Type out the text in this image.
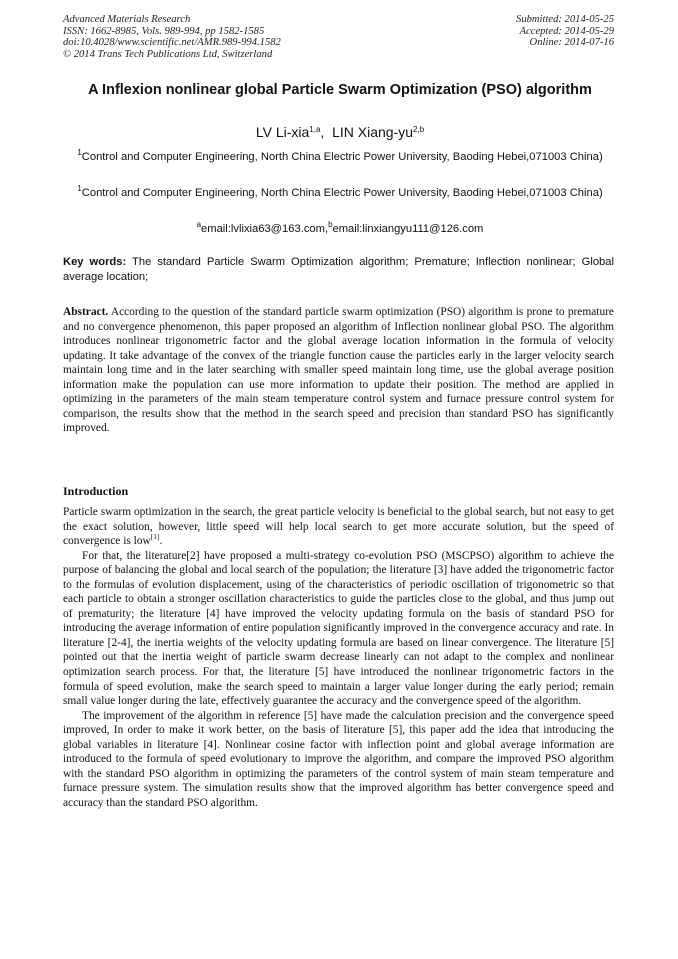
Advanced Materials Research
ISSN: 1662-8985, Vols. 989-994, pp 1582-1585
doi:10.4028/www.scientific.net/AMR.989-994.1582
© 2014 Trans Tech Publications Ltd, Switzerland
Submitted: 2014-05-25
Accepted: 2014-05-29
Online: 2014-07-16
A Inflexion nonlinear global Particle Swarm Optimization (PSO) algorithm
LV Li-xia$^{1,a}$,  LIN Xiang-yu$^{2,b}$
$^1$Control and Computer Engineering, North China Electric Power University, Baoding Hebei,071003 China)
$^1$Control and Computer Engineering, North China Electric Power University, Baoding Hebei,071003 China)
$^a$email:lvlixia63@163.com,$^b$email:linxiangyu111@126.com
Key words: The standard Particle Swarm Optimization algorithm; Premature; Inflection nonlinear; Global average location;
Abstract. According to the question of the standard particle swarm optimization (PSO) algorithm is prone to premature and no convergence phenomenon, this paper proposed an algorithm of Inflection nonlinear global PSO. The algorithm introduces nonlinear trigonometric factor and the global average location information in the formula of velocity updating. It take advantage of the convex of the triangle function cause the particles early in the larger velocity search maintain long time and in the later searching with smaller speed maintain long time, use the global average position information make the population can use more information to update their position. The method are applied in optimizing in the parameters of the main steam temperature control system and furnace pressure control system for comparison, the results show that the method in the search speed and precision than standard PSO has significantly improved.
Introduction

Particle swarm optimization in the search, the great particle velocity is beneficial to the global search, but not easy to get the exact solution, however, little speed will help local search to get more accurate solution, but the speed of convergence is low[1].

For that, the literature[2] have proposed a multi-strategy co-evolution PSO (MSCPSO) algorithm to achieve the purpose of balancing the global and local search of the population; the literature [3] have added the trigonometric factor to the formulas of evolution displacement, using of the characteristics of periodic oscillation of trigonometric so that each particle to obtain a stronger oscillation characteristics to guide the particles close to the global, and thus jump out of prematurity; the literature [4] have improved the velocity updating formula on the basis of standard PSO for introducing the average information of entire population significantly improved in the convergence accuracy and rate. In literature [2-4], the inertia weights of the velocity updating formula are based on linear convergence. The literature [5] pointed out that the inertia weight of particle swarm decrease linearly can not adapt to the complex and nonlinear optimization search process. For that, the literature [5] have introduced the nonlinear trigonometric factors in the formula of speed evolution, make the search speed to maintain a larger value longer during the early period; remain small value longer during the late, effectively guarantee the accuracy and the convergence speed of the algorithm.

The improvement of the algorithm in reference [5] have made the calculation precision and the convergence speed improved, In order to make it work better, on the basis of literature [5], this paper add the idea that introducing the global variables in literature [4]. Nonlinear cosine factor with inflection point and global average information are introduced to the formula of speed evolutionary to improve the algorithm, and compare the improved PSO algorithm with the standard PSO algorithm in optimizing the parameters of the control system of main steam temperature and furnace pressure system. The simulation results show that the improved algorithm has better convergence speed and accuracy than the standard PSO algorithm.
